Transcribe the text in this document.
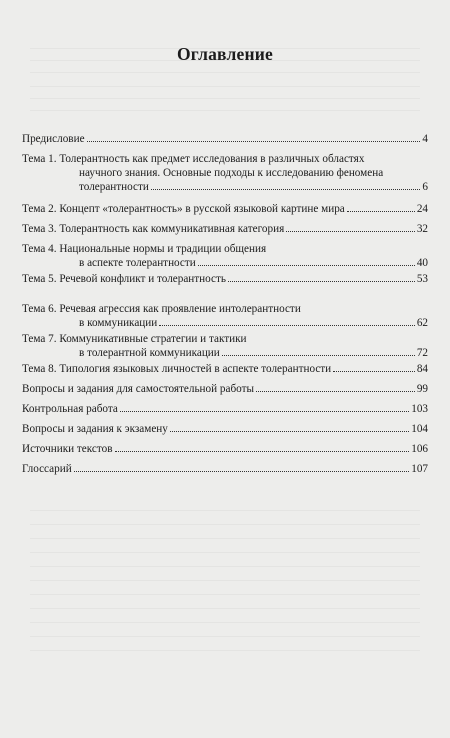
Оглавление
Предисловие	4
Тема 1. Толерантность как предмет исследования в различных областях
научного знания. Основные подходы к исследованию феномена
толерантности	6
Тема 2. Концепт «толерантность» в русской языковой картине мира	24
Тема 3. Толерантность как коммуникативная категория	32
Тема 4. Национальные нормы и традиции общения
в аспекте толерантности	40
Тема 5. Речевой конфликт и толерантность	53
Тема 6. Речевая агрессия как проявление интолерантности
в коммуникации	62
Тема 7. Коммуникативные стратегии и тактики
в толерантной коммуникации	72
Тема 8. Типология языковых личностей в аспекте толерантности	84
Вопросы и задания для самостоятельной работы	99
Контрольная работа	103
Вопросы и задания к экзамену	104
Источники текстов	106
Глоссарий	107
